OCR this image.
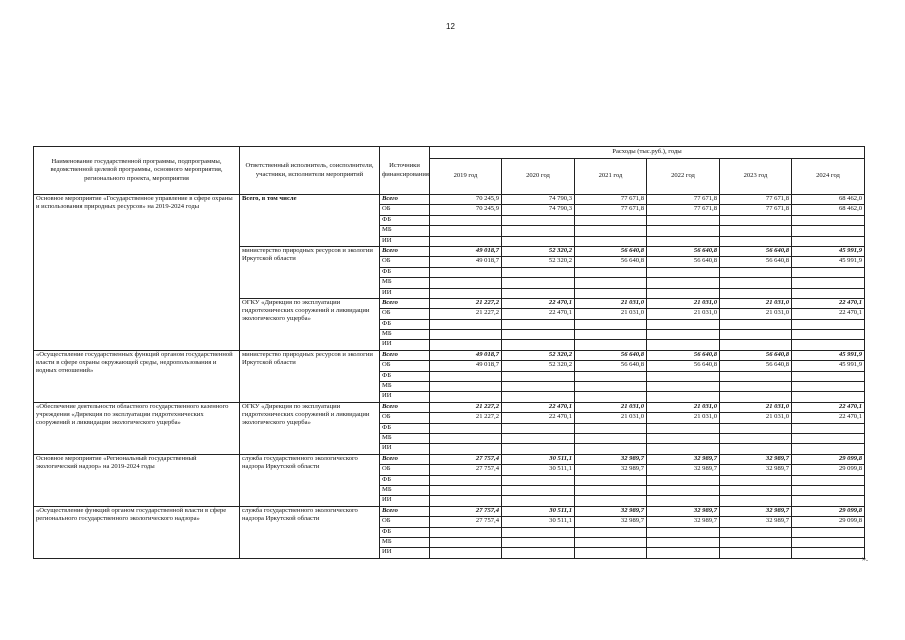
12
Наименование государственной программы, подпрограммы, ведомственной целевой программы, основного мероприятия, регионального проекта, мероприятия	Ответственный исполнитель, соисполнители, участники, исполнители мероприятий	Источники финансирования	Расходы (тыс.руб.), годы					
			2019 год	2020 год	2021 год	2022 год	2023 год	2024 год
Основное мероприятие «Государственное управление в сфере охраны и использования природных ресурсов» на 2019-2024 годы	Всего, в том числе	Всего	70 245,9	74 790,3	77 671,8	77 671,8	77 671,8	68 462,0
		ОБ	70 245,9	74 790,3	77 671,8	77 671,8	77 671,8	68 462,0
		ФБ						
		МБ						
		ИИ						
	министерство природных ресурсов и экологии Иркутской области	Всего	49 018,7	52 320,2	56 640,8	56 640,8	56 640,8	45 991,9
		ОБ	49 018,7	52 320,2	56 640,8	56 640,8	56 640,8	45 991,9
		ФБ						
		МБ						
		ИИ						
	ОГКУ «Дирекция по эксплуатации гидротехнических сооружений и ликвидации экологического ущерба»	Всего	21 227,2	22 470,1	21 031,0	21 031,0	21 031,0	22 470,1
		ОБ	21 227,2	22 470,1	21 031,0	21 031,0	21 031,0	22 470,1
		ФБ						
		МБ						
		ИИ						
«Осуществление государственных функций органом государственной власти в сфере охраны окружающей среды, недропользования и водных отношений»	министерство природных ресурсов и экологии Иркутской области	Всего	49 018,7	52 320,2	56 640,8	56 640,8	56 640,8	45 991,9
		ОБ	49 018,7	52 320,2	56 640,8	56 640,8	56 640,8	45 991,9
		ФБ						
		МБ						
		ИИ						
«Обеспечение деятельности областного государственного казенного учреждения «Дирекция по эксплуатации гидротехнических сооружений и ликвидации экологического ущерба»	ОГКУ «Дирекция по эксплуатации гидротехнических сооружений и ликвидации экологического ущерба»	Всего	21 227,2	22 470,1	21 031,0	21 031,0	21 031,0	22 470,1
		ОБ	21 227,2	22 470,1	21 031,0	21 031,0	21 031,0	22 470,1
		ФБ						
		МБ						
		ИИ						
Основное мероприятие «Региональный государственный экологический надзор» на 2019-2024 годы	служба государственного экологического надзора Иркутской области	Всего	27 757,4	30 511,1	32 989,7	32 989,7	32 989,7	29 099,8
		ОБ	27 757,4	30 511,1	32 989,7	32 989,7	32 989,7	29 099,8
		ФБ						
		МБ						
		ИИ						
«Осуществление функций органом государственной власти в сфере регионального государственного экологического надзора»	служба государственного экологического надзора Иркутской области	Всего	27 757,4	30 511,1	32 989,7	32 989,7	32 989,7	29 099,8
		ОБ	27 757,4	30 511,1	32 989,7	32 989,7	32 989,7	29 099,8
		ФБ						
		МБ						
		ИИ						
».
